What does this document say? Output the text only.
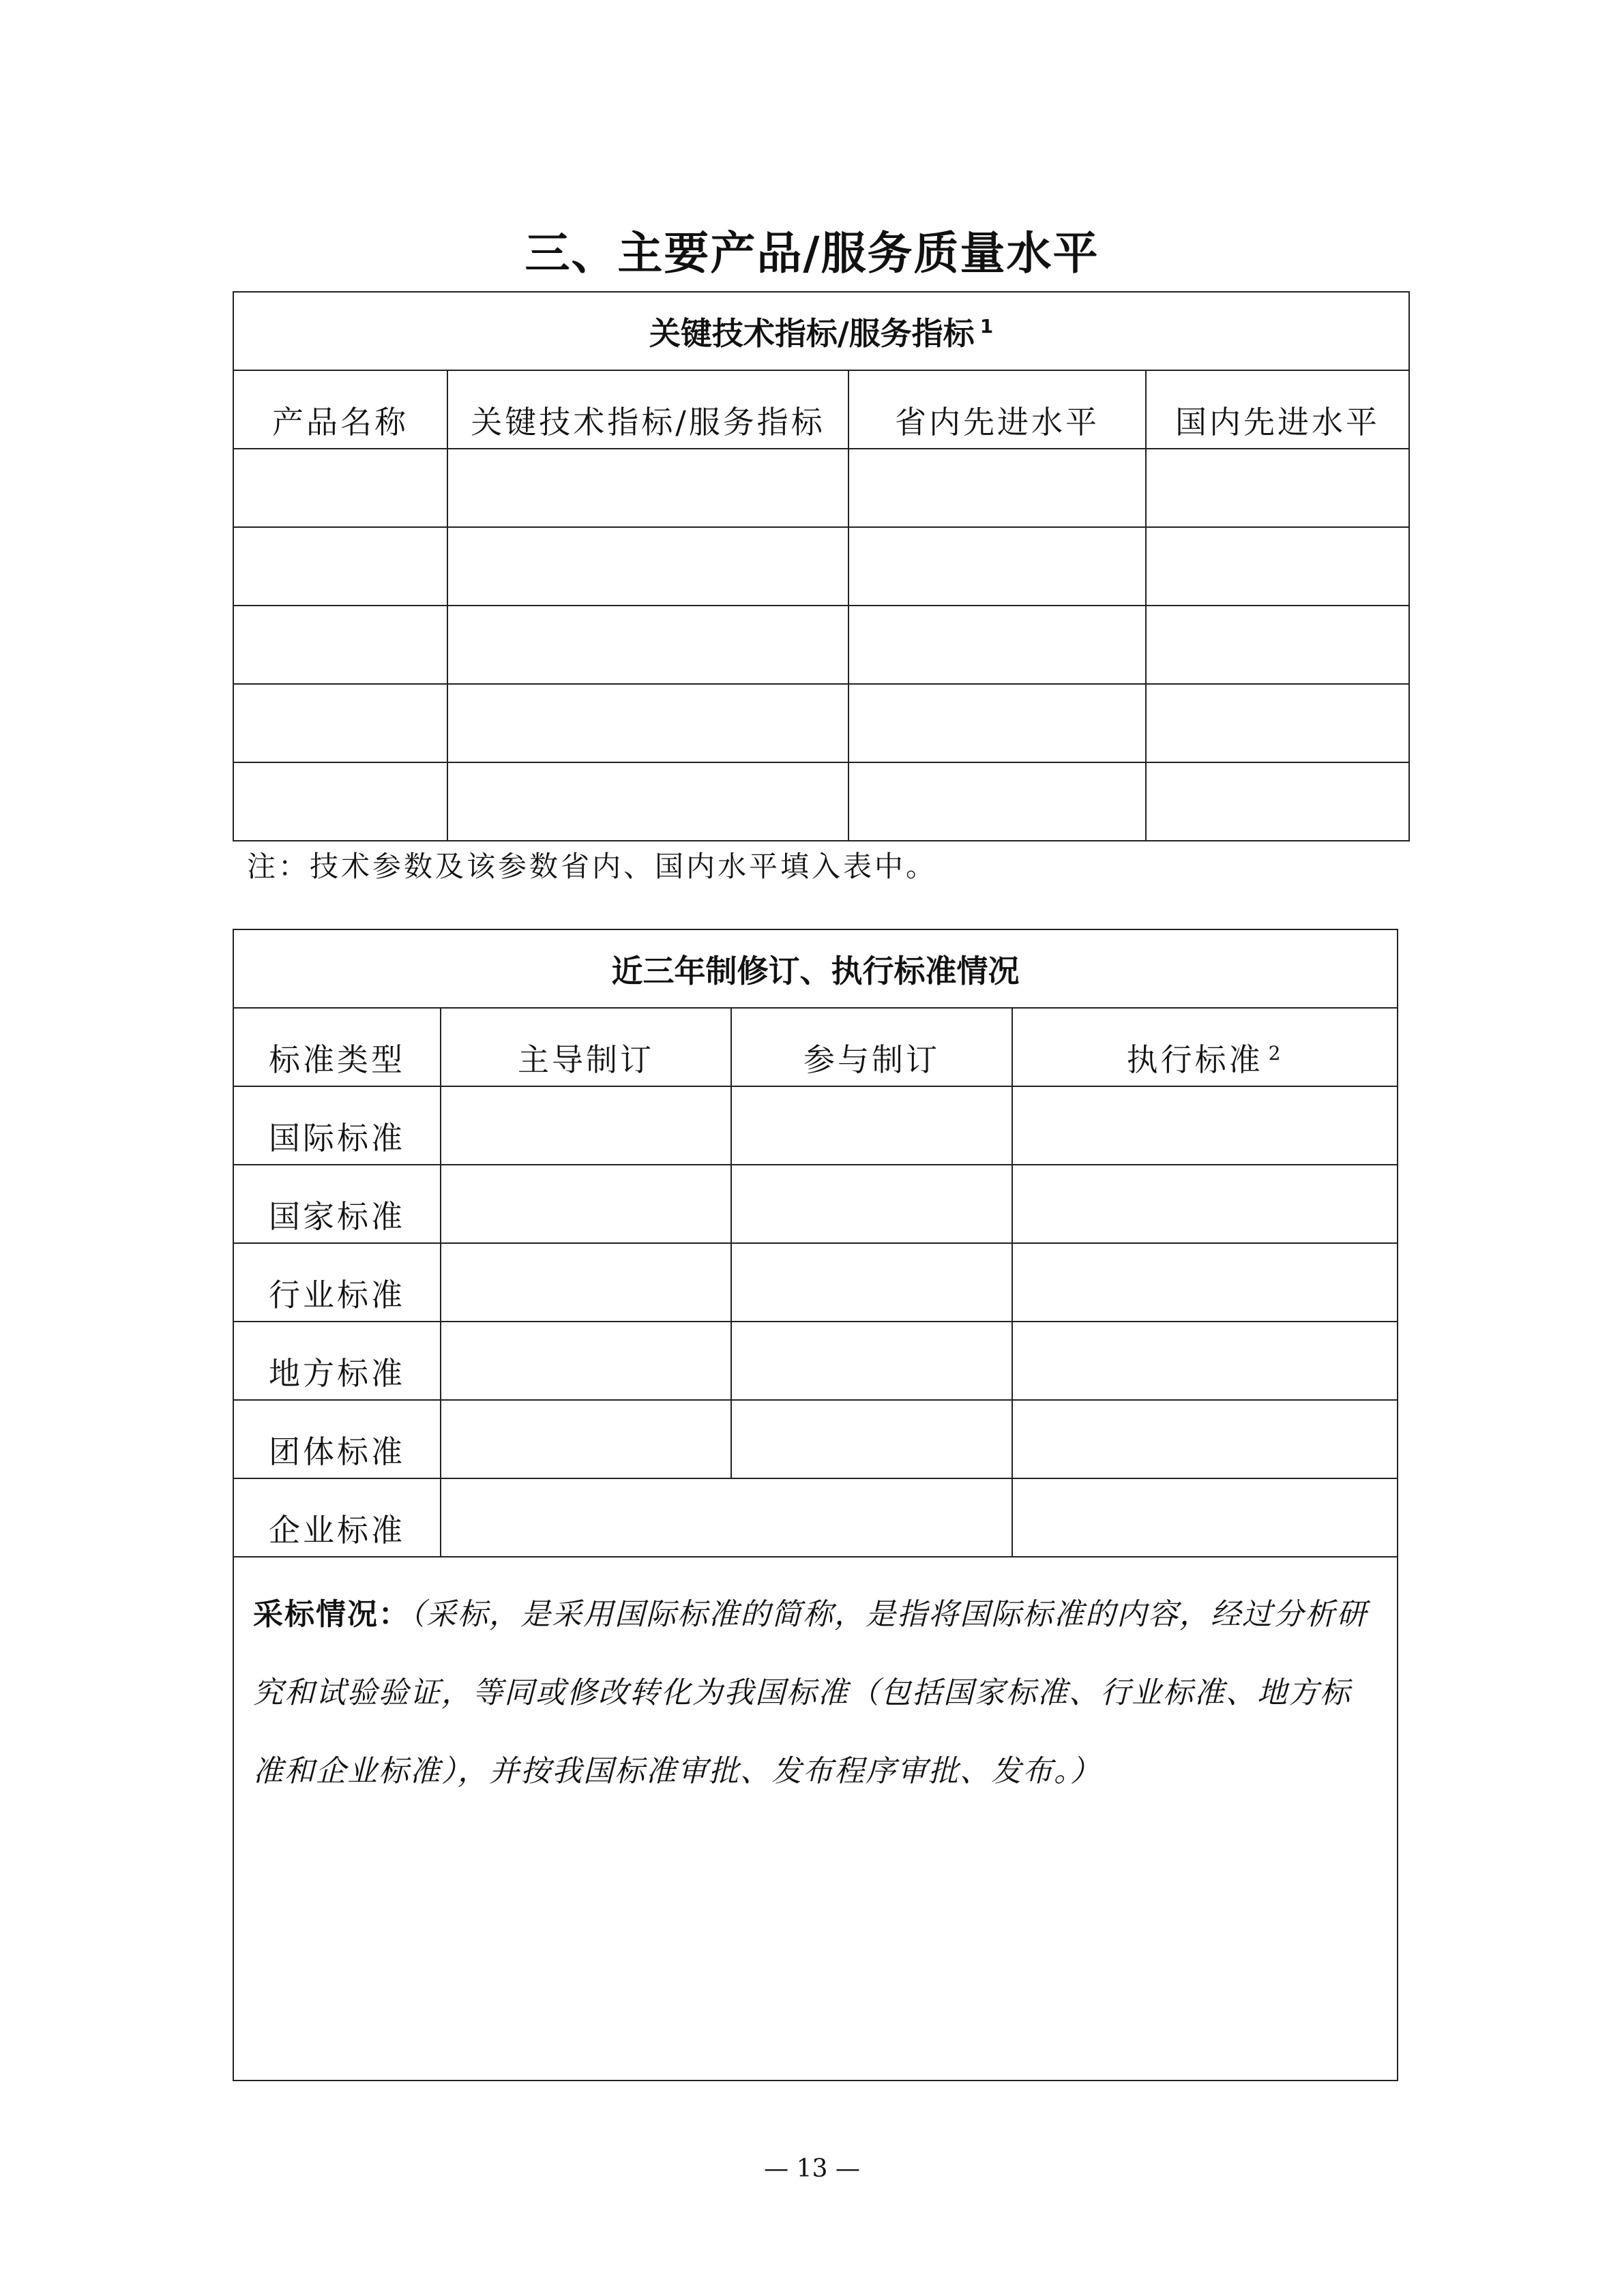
三、主要产品/服务质量水平
关键技术指标/服务指标 $^1$
产品名称	关键技术指标/服务指标	省内先进水平	国内先进水平

注：技术参数及该参数省内、国内水平填入表中。
近三年制修订、执行标准情况			
标准类型	主导制订	参与制订	执行标准 $^2$
国际标准			
国家标准			
行业标准			
地方标准			
团体标准			
企业标准			
采标情况：（采标，是采用国际标准的简称，是指将国际标准的内容，经过分析研究和试验验证，等同或修改转化为我国标准（包括国家标准、行业标准、地方标准和企业标准），并按我国标准审批、发布程序审批、发布。）			
— 13 —
